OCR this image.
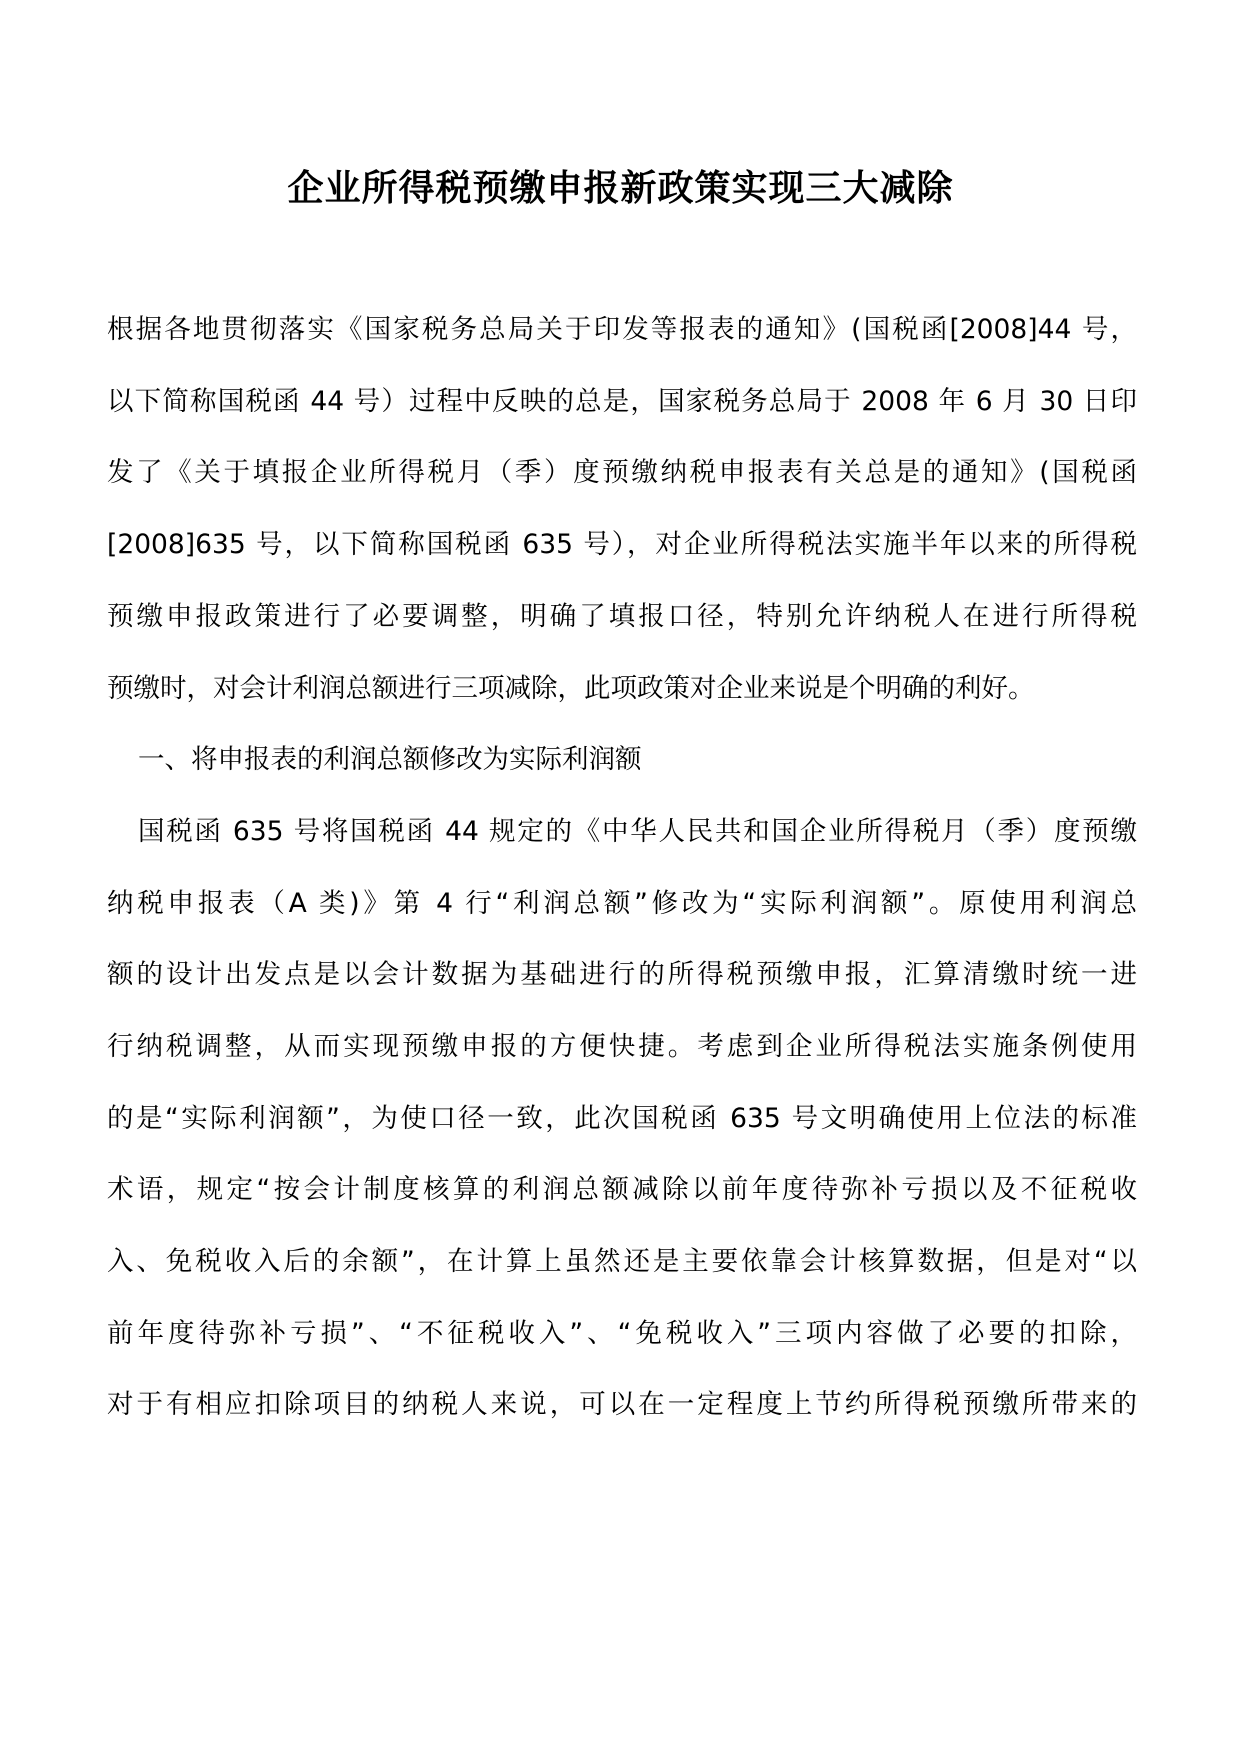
企业所得税预缴申报新政策实现三大减除
根据各地贯彻落实《国家税务总局关于印发等报表的通知》(国税函[2008]44 号，
以下简称国税函 44 号）过程中反映的总是，国家税务总局于 2008 年 6 月 30 日印
发了《关于填报企业所得税月（季）度预缴纳税申报表有关总是的通知》(国税函
[2008]635 号，以下简称国税函 635 号），对企业所得税法实施半年以来的所得税
预缴申报政策进行了必要调整，明确了填报口径，特别允许纳税人在进行所得税
预缴时，对会计利润总额进行三项减除，此项政策对企业来说是个明确的利好。
一、将申报表的利润总额修改为实际利润额
国税函 635 号将国税函 44 规定的《中华人民共和国企业所得税月（季）度预缴
纳税申报表（A 类)》第 4 行“利润总额”修改为“实际利润额”。原使用利润总
额的设计出发点是以会计数据为基础进行的所得税预缴申报，汇算清缴时统一进
行纳税调整，从而实现预缴申报的方便快捷。考虑到企业所得税法实施条例使用
的是“实际利润额”，为使口径一致，此次国税函 635 号文明确使用上位法的标准
术语，规定“按会计制度核算的利润总额减除以前年度待弥补亏损以及不征税收
入、免税收入后的余额”，在计算上虽然还是主要依靠会计核算数据，但是对“以
前年度待弥补亏损”、“不征税收入”、“免税收入”三项内容做了必要的扣除，
对于有相应扣除项目的纳税人来说，可以在一定程度上节约所得税预缴所带来的
